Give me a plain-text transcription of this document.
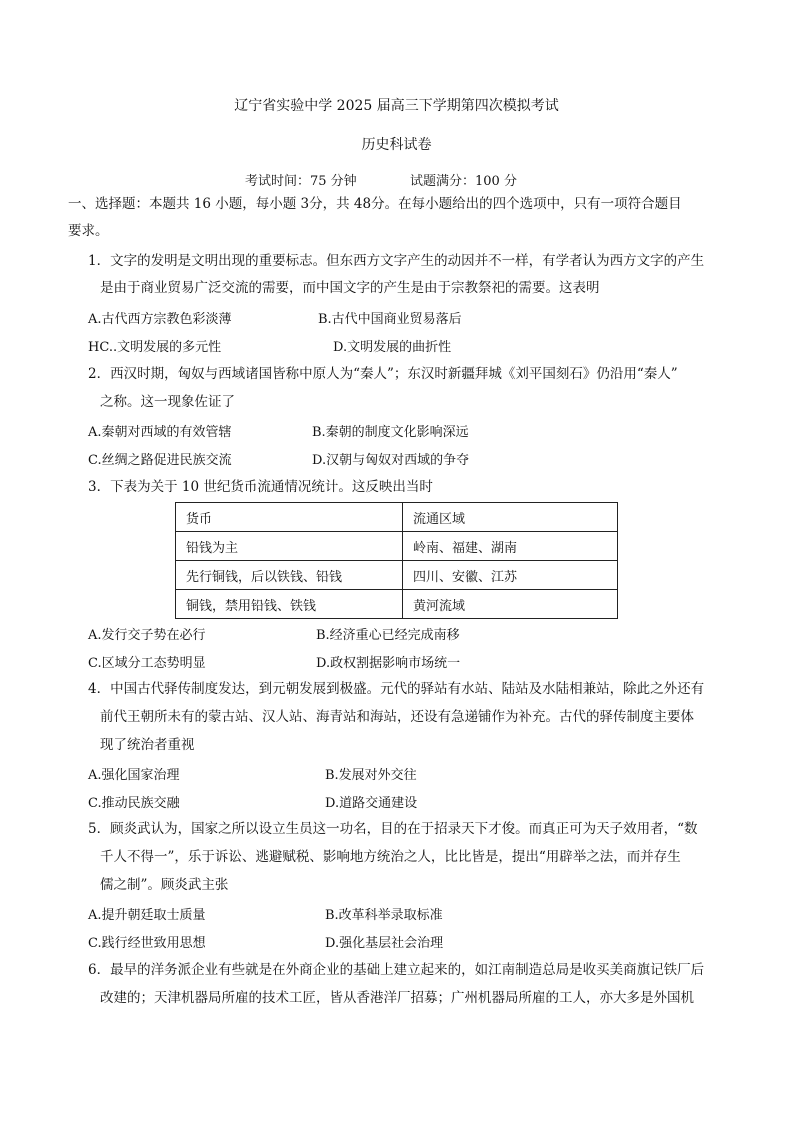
辽宁省实验中学 2025 届高三下学期第四次模拟考试
历史科试卷
考试时间：75 分钟	试题满分：100 分
一、选择题：本题共 16 小题，每小题 3分，共 48分。在每小题给出的四个选项中，只有一项符合题目
要求。
1．文字的发明是文明出现的重要标志。但东西方文字产生的动因并不一样，有学者认为西方文字的产生
是由于商业贸易广泛交流的需要，而中国文字的产生是由于宗教祭祀的需要。这表明
A.古代西方宗教色彩淡薄	B.古代中国商业贸易落后
HC..文明发展的多元性	D.文明发展的曲折性
2．西汉时期，匈奴与西域诸国皆称中原人为“秦人”；东汉时新疆拜城《刘平国刻石》仍沿用“秦人”
之称。这一现象佐证了
A.秦朝对西域的有效管辖	B.秦朝的制度文化影响深远
C.丝绸之路促进民族交流	D.汉朝与匈奴对西域的争夺
3．下表为关于 10 世纪货币流通情况统计。这反映出当时
货币	流通区域
铅钱为主	岭南、福建、湖南
先行铜钱，后以铁钱、铅钱	四川、安徽、江苏
铜钱，禁用铅钱、铁钱	黄河流域
A.发行交子势在必行	B.经济重心已经完成南移
C.区域分工态势明显	D.政权割据影响市场统一
4．中国古代驿传制度发达，到元朝发展到极盛。元代的驿站有水站、陆站及水陆相兼站，除此之外还有
前代王朝所未有的蒙古站、汉人站、海青站和海站，还设有急递铺作为补充。古代的驿传制度主要体
现了统治者重视
A.强化国家治理	B.发展对外交往
C.推动民族交融	D.道路交通建设
5．顾炎武认为，国家之所以设立生员这一功名，目的在于招录天下才俊。而真正可为天子效用者，“数
千人不得一”，乐于诉讼、逃避赋税、影响地方统治之人，比比皆是，提出“用辟举之法，而并存生
儒之制”。顾炎武主张
A.提升朝廷取士质量	B.改革科举录取标准
C.践行经世致用思想	D.强化基层社会治理
6．最早的洋务派企业有些就是在外商企业的基础上建立起来的，如江南制造总局是收买美商旗记铁厂后
改建的；天津机器局所雇的技术工匠，皆从香港洋厂招募；广州机器局所雇的工人，亦大多是外国机
